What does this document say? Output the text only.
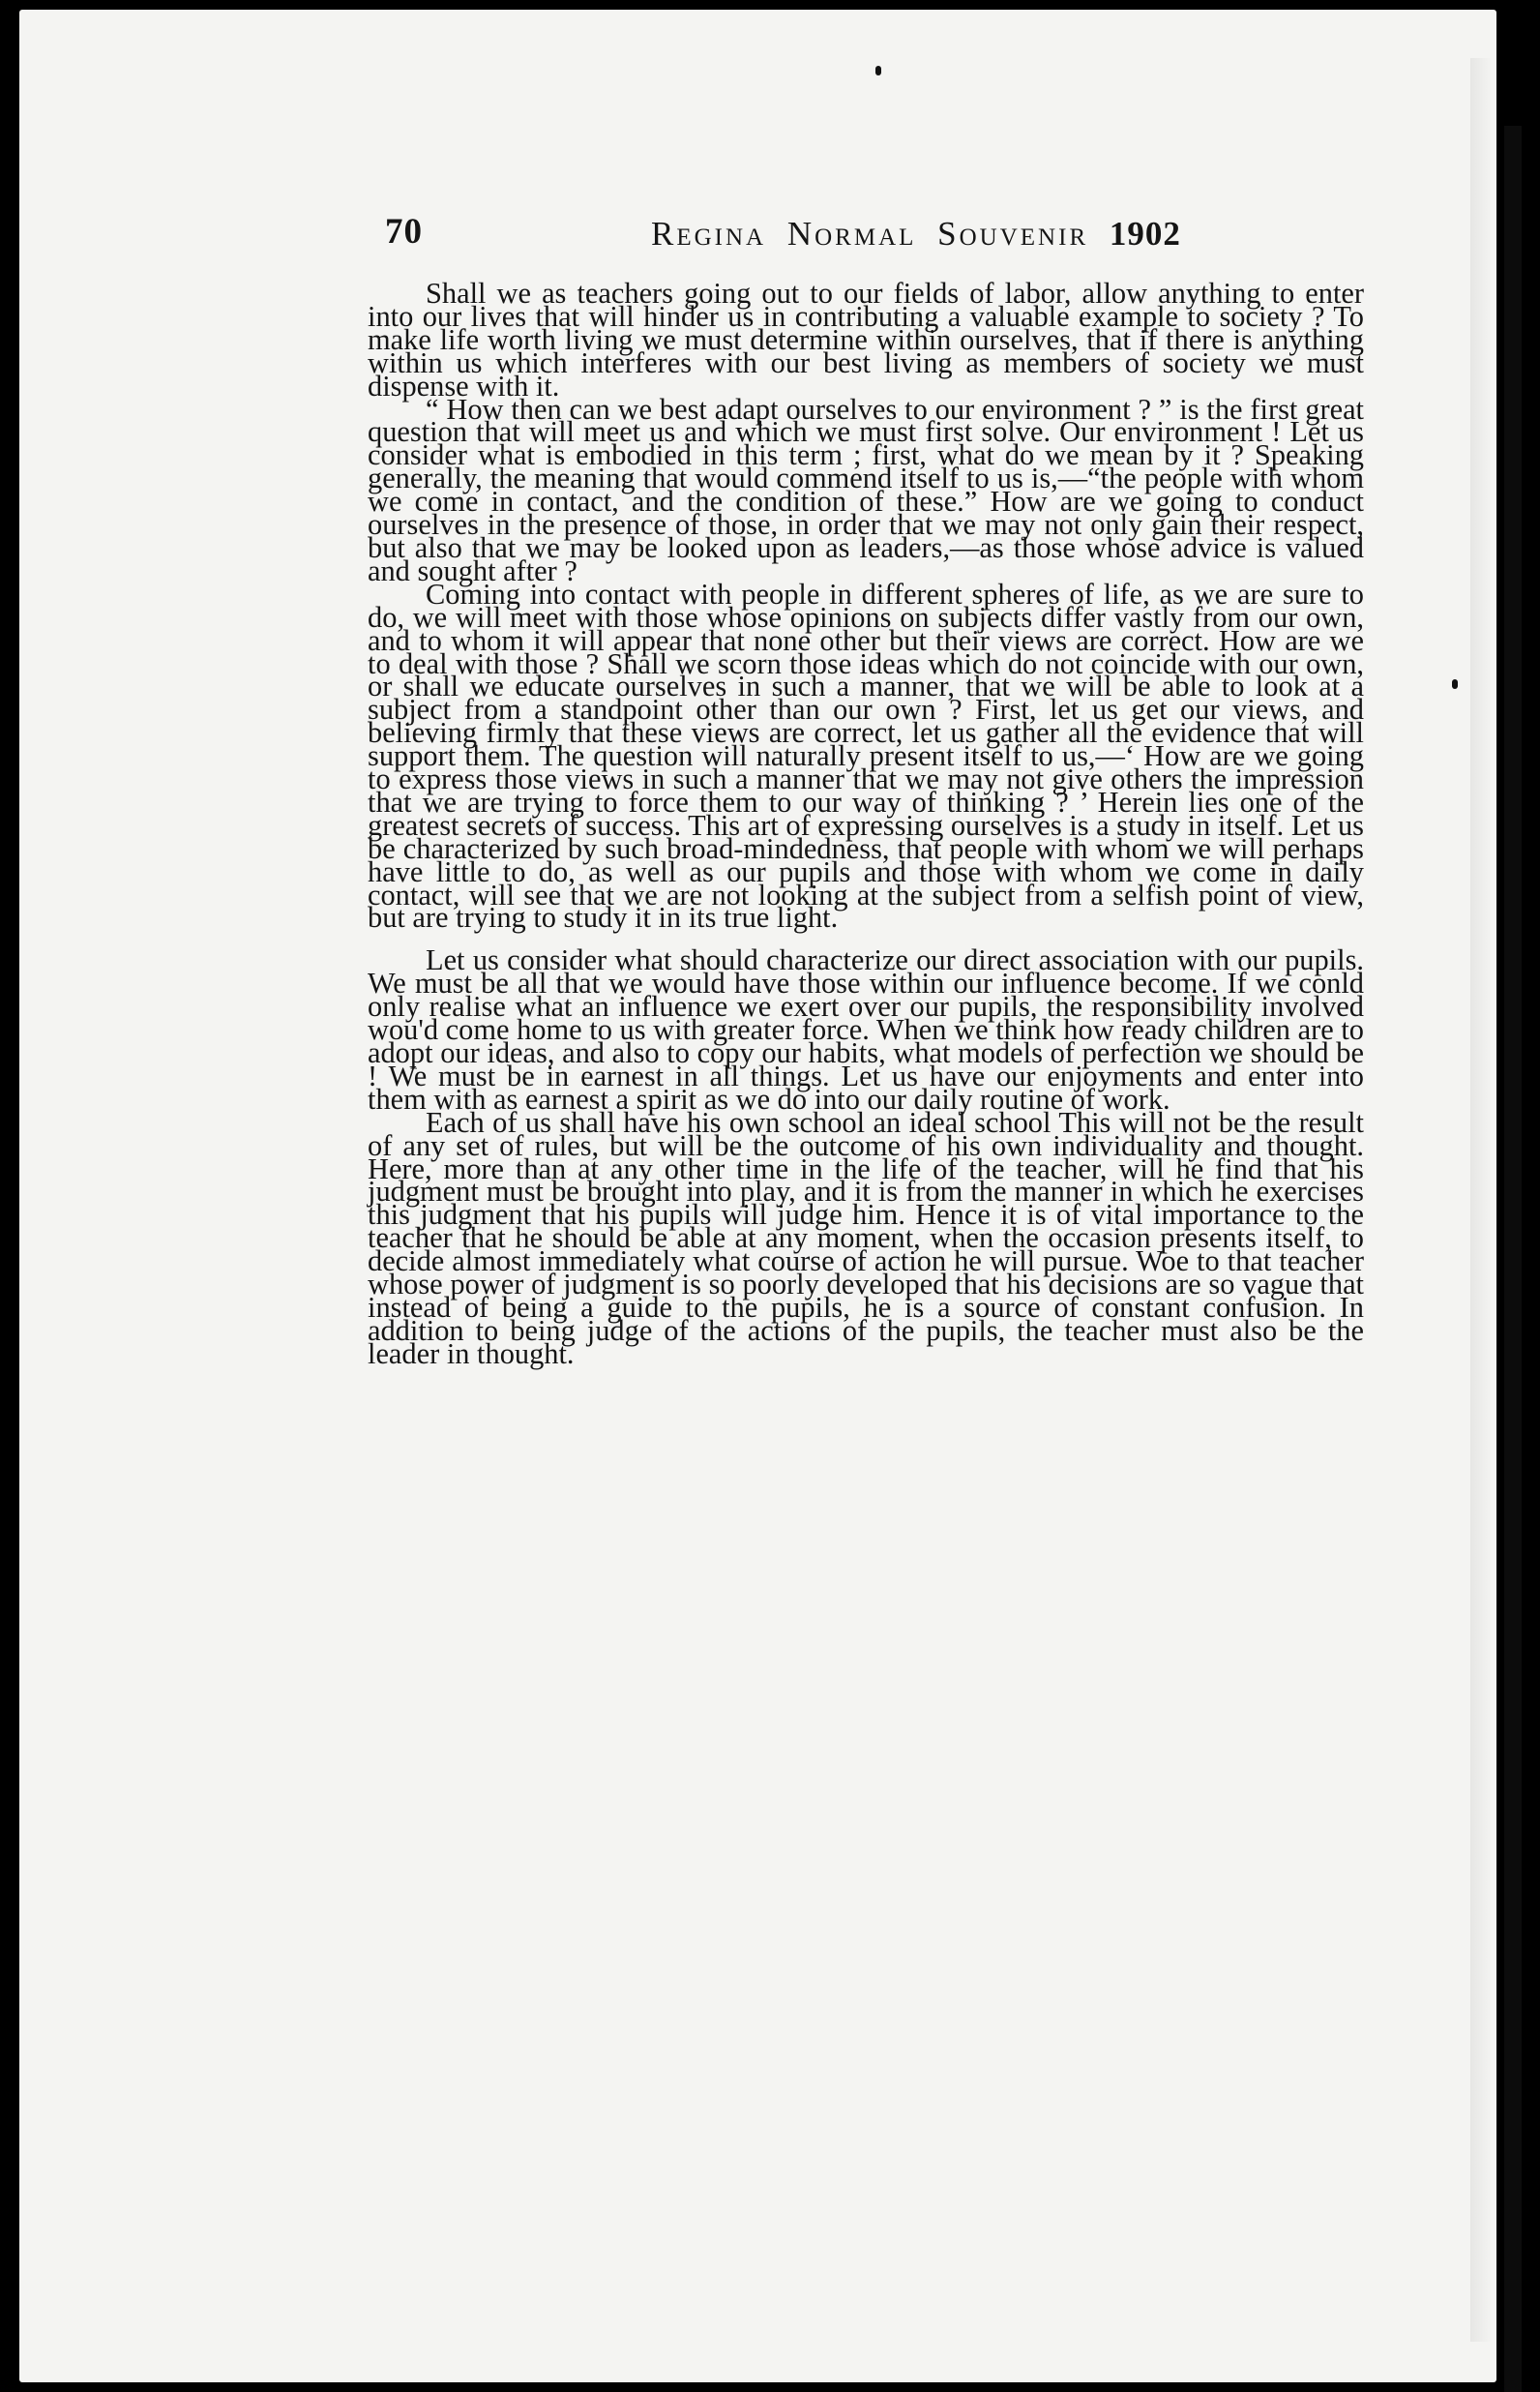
70	Regina Normal Souvenir 1902

Shall we as teachers going out to our fields of labor, allow anything to enter into our lives that will hinder us in contributing a valuable example to society ? To make life worth living we must determine within ourselves, that if there is anything within us which interferes with our best living as members of society we must dispense with it.

“ How then can we best adapt ourselves to our environment ? ” is the first great question that will meet us and which we must first solve. Our environment ! Let us consider what is embodied in this term ; first, what do we mean by it ? Speaking generally, the meaning that would commend itself to us is,—“the people with whom we come in contact, and the condition of these.” How are we going to conduct ourselves in the presence of those, in order that we may not only gain their respect, but also that we may be looked upon as leaders,—as those whose advice is valued and sought after ?

Coming into contact with people in different spheres of life, as we are sure to do, we will meet with those whose opinions on subjects differ vastly from our own, and to whom it will appear that none other but their views are correct. How are we to deal with those ? Shall we scorn those ideas which do not coincide with our own, or shall we educate ourselves in such a manner, that we will be able to look at a subject from a standpoint other than our own ? First, let us get our views, and believing firmly that these views are correct, let us gather all the evidence that will support them. The question will naturally present itself to us,—‘ How are we going to express those views in such a manner that we may not give others the impression that we are trying to force them to our way of thinking ? ’ Herein lies one of the greatest secrets of success. This art of expressing ourselves is a study in itself. Let us be characterized by such broad-mindedness, that people with whom we will perhaps have little to do, as well as our pupils and those with whom we come in daily contact, will see that we are not looking at the subject from a selfish point of view, but are trying to study it in its true light.

Let us consider what should characterize our direct association with our pupils. We must be all that we would have those within our influence become. If we conld only realise what an influence we exert over our pupils, the responsibility involved wou'd come home to us with greater force. When we think how ready children are to adopt our ideas, and also to copy our habits, what models of perfection we should be ! We must be in earnest in all things. Let us have our enjoyments and enter into them with as earnest a spirit as we do into our daily routine of work.

Each of us shall have his own school an ideal school This will not be the result of any set of rules, but will be the outcome of his own individuality and thought. Here, more than at any other time in the life of the teacher, will he find that his judgment must be brought into play, and it is from the manner in which he exercises this judgment that his pupils will judge him. Hence it is of vital importance to the teacher that he should be able at any moment, when the occasion presents itself, to decide almost immediately what course of action he will pursue. Woe to that teacher whose power of judgment is so poorly developed that his decisions are so vague that instead of being a guide to the pupils, he is a source of constant confusion. In addition to being judge of the actions of the pupils, the teacher must also be the leader in thought.
